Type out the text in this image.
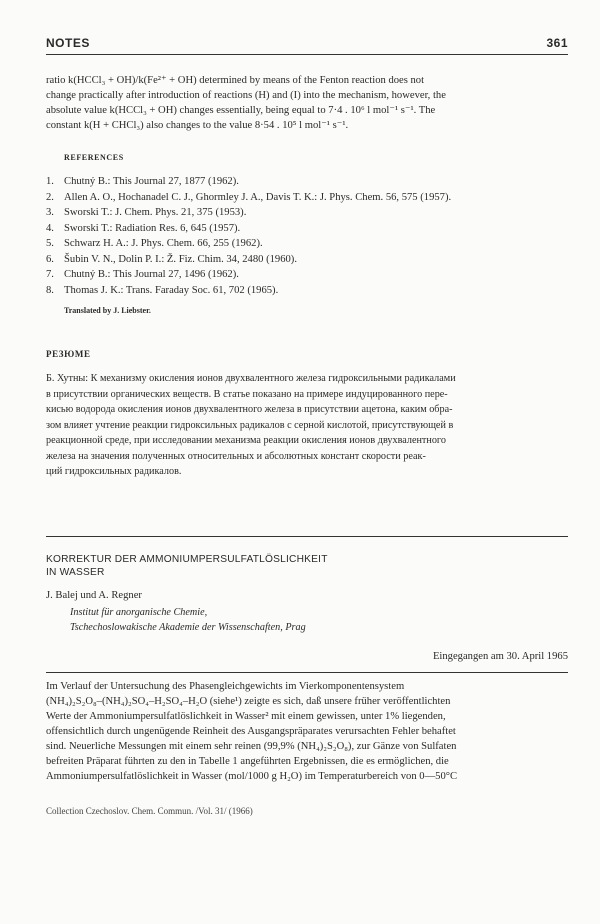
NOTES	361

ratio k(HCCl₃ + OH)/k(Fe²⁺ + OH) determined by means of the Fenton reaction does not

change practically after introduction of reactions (H) and (I) into the mechanism, however, the

absolute value k(HCCl₃ + OH) changes essentially, being equal to 7·4 . 10⁶ l mol⁻¹ s⁻¹. The

constant k(H + CHCl₃) also changes to the value 8·54 . 10⁵ l mol⁻¹ s⁻¹.

REFERENCES
1. Chutný B.: This Journal 27, 1877 (1962).
2. Allen A. O., Hochanadel C. J., Ghormley J. A., Davis T. K.: J. Phys. Chem. 56, 575 (1957).
3. Sworski T.: J. Chem. Phys. 21, 375 (1953).
4. Sworski T.: Radiation Res. 6, 645 (1957).
5. Schwarz H. A.: J. Phys. Chem. 66, 255 (1962).
6. Šubin V. N., Dolin P. I.: Ž. Fiz. Chim. 34, 2480 (1960).
7. Chutný B.: This Journal 27, 1496 (1962).
8. Thomas J. K.: Trans. Faraday Soc. 61, 702 (1965).
Translated by J. Liebster.
РЕЗЮМЕ

Б. Хутны: К механизму окисления ионов двухвалентного железа гидроксильными радикалами

в присутствии органических веществ. В статье показано на примере индуцированного пере-

кисью водорода окисления ионов двухвалентного железа в присутствии ацетона, каким обра-

зом влияет учтение реакции гидроксильных радикалов с серной кислотой, присутствующей в

реакционной среде, при исследовании механизма реакции окисления ионов двухвалентного

железа на значения полученных относительных и абсолютных констант скорости реак-

ций гидроксильных радикалов.

KORREKTUR DER AMMONIUMPERSULFATLÖSLICHKEIT
IN WASSER
J. Balej und A. Regner
Institut für anorganische Chemie,
Tschechoslowakische Akademie der Wissenschaften, Prag
Eingegangen am 30. April 1965

Im Verlauf der Untersuchung des Phasengleichgewichts im Vierkomponentensystem

(NH₄)₂S₂O₈–(NH₄)₂SO₄–H₂SO₄–H₂O (siehe¹) zeigte es sich, daß unsere früher veröffentlichten

Werte der Ammoniumpersulfatlöslichkeit in Wasser² mit einem gewissen, unter 1% liegenden,

offensichtlich durch ungenügende Reinheit des Ausgangspräparates verursachten Fehler behaftet

sind. Neuerliche Messungen mit einem sehr reinen (99,9% (NH₄)₂S₂O₈), zur Gänze von Sulfaten

befreiten Präparat führten zu den in Tabelle 1 angeführten Ergebnissen, die es ermöglichen, die

Ammoniumpersulfatlöslichkeit in Wasser (mol/1000 g H₂O) im Temperaturbereich von 0—50°C

Collection Czechoslov. Chem. Commun. /Vol. 31/ (1966)
